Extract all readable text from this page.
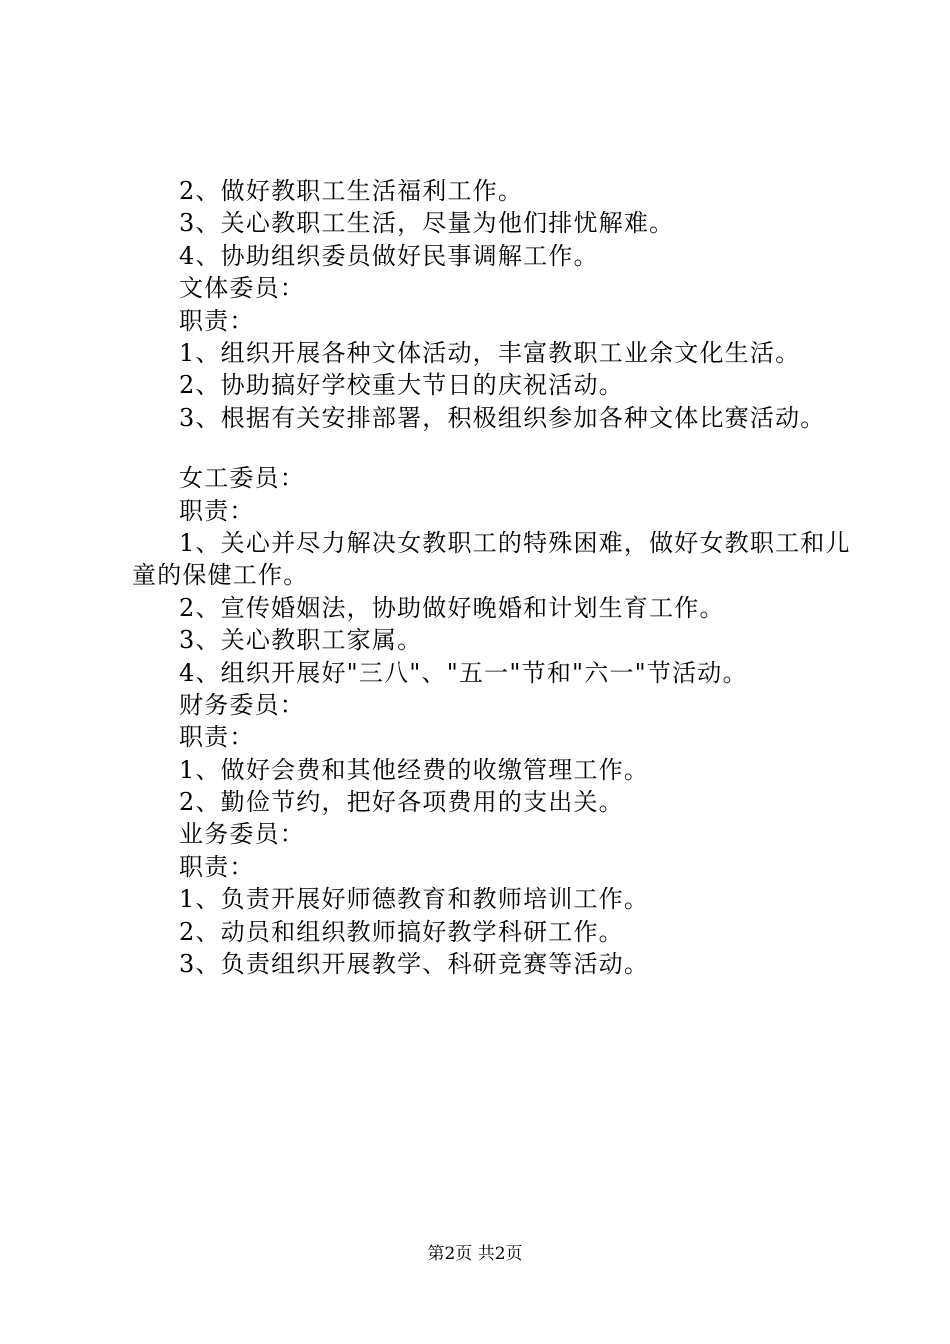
2、做好教职工生活福利工作。
3、关心教职工生活，尽量为他们排忧解难。
4、协助组织委员做好民事调解工作。
文体委员：
职责：
1、组织开展各种文体活动，丰富教职工业余文化生活。
2、协助搞好学校重大节日的庆祝活动。
3、根据有关安排部署，积极组织参加各种文体比赛活动。
女工委员：
职责：
1、关心并尽力解决女教职工的特殊困难，做好女教职工和儿童的保健工作。
2、宣传婚姻法，协助做好晚婚和计划生育工作。
3、关心教职工家属。
4、组织开展好"三八"、"五一"节和"六一"节活动。
财务委员：
职责：
1、做好会费和其他经费的收缴管理工作。
2、勤俭节约，把好各项费用的支出关。
业务委员：
职责：
1、负责开展好师德教育和教师培训工作。
2、动员和组织教师搞好教学科研工作。
3、负责组织开展教学、科研竞赛等活动。
第2页 共2页
